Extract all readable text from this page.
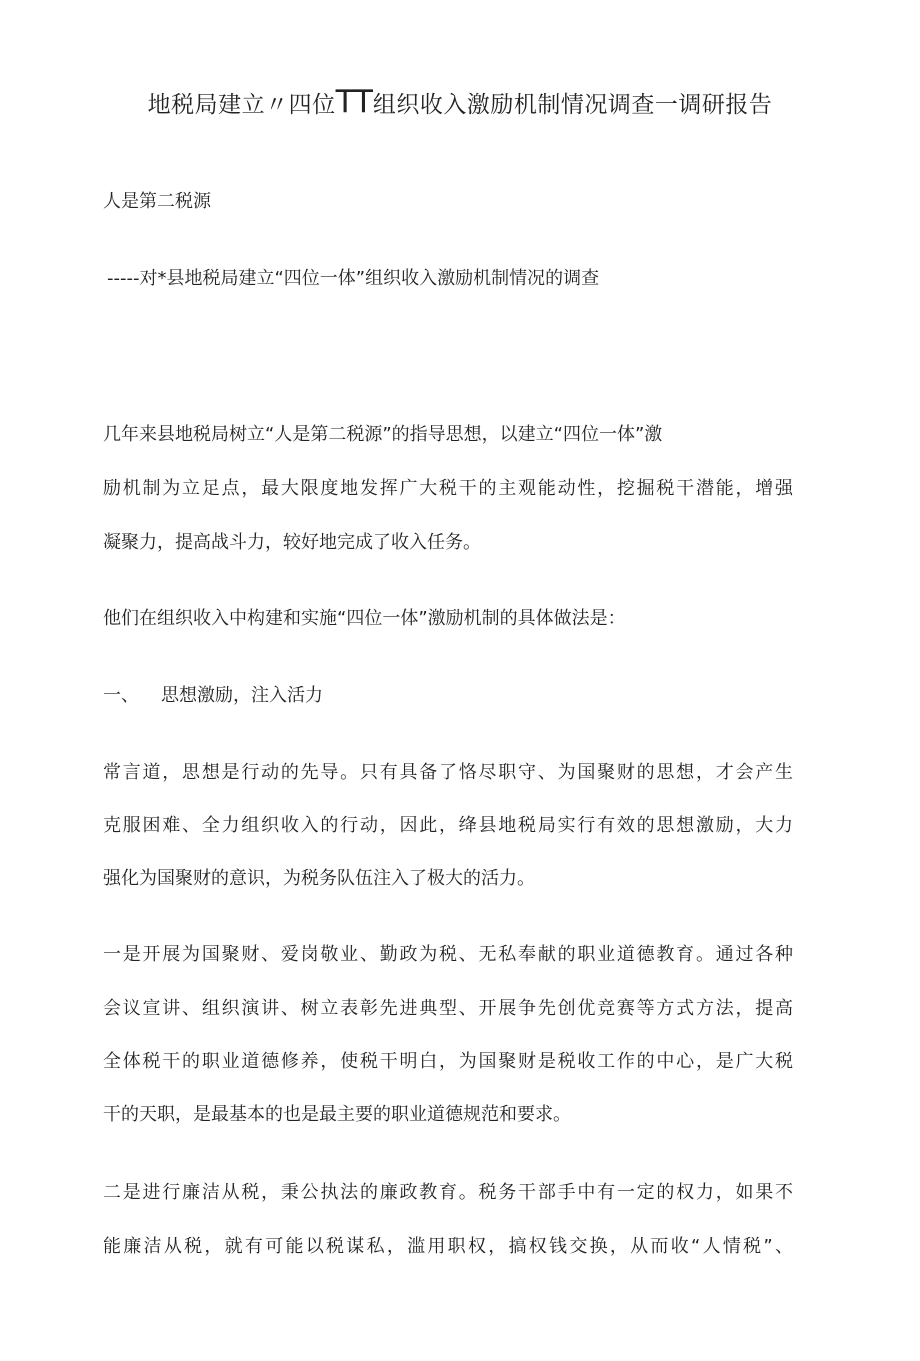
地税局建立〃四位TT组织收入激励机制情况调查一调研报告
人是第二税源
-----对*县地税局建立“四位一体”组织收入激励机制情况的调查
几年来县地税局树立“人是第二税源”的指导思想，以建立“四位一体”激
励机制为立足点，最大限度地发挥广大税干的主观能动性，挖掘税干潜能，增强
凝聚力，提高战斗力，较好地完成了收入任务。
他们在组织收入中构建和实施“四位一体”激励机制的具体做法是：
一、 思想激励，注入活力
常言道，思想是行动的先导。只有具备了恪尽职守、为国聚财的思想，才会产生
克服困难、全力组织收入的行动，因此，绛县地税局实行有效的思想激励，大力
强化为国聚财的意识，为税务队伍注入了极大的活力。
一是开展为国聚财、爱岗敬业、勤政为税、无私奉献的职业道德教育。通过各种
会议宣讲、组织演讲、树立表彰先进典型、开展争先创优竞赛等方式方法，提高
全体税干的职业道德修养，使税干明白，为国聚财是税收工作的中心，是广大税
干的天职，是最基本的也是最主要的职业道德规范和要求。
二是进行廉洁从税，秉公执法的廉政教育。税务干部手中有一定的权力，如果不
能廉洁从税，就有可能以税谋私，滥用职权，搞权钱交换，从而收“人情税”、
